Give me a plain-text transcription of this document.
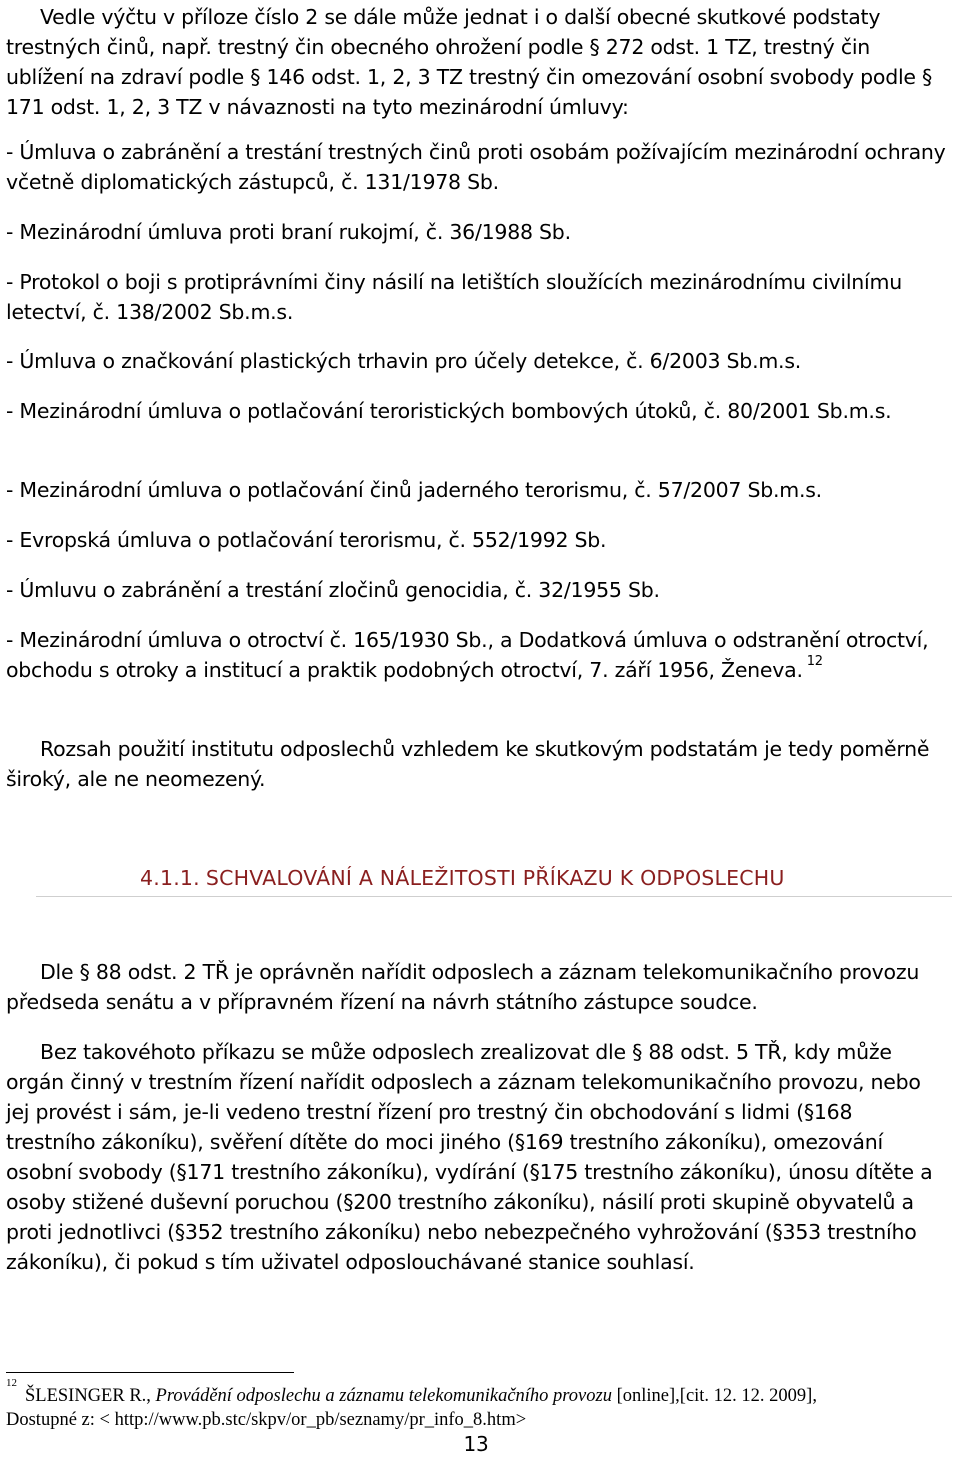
Vedle výčtu v příloze číslo 2 se dále může jednat i o další obecné skutkové podstaty trestných činů, např. trestný čin obecného ohrožení podle § 272 odst. 1 TZ, trestný čin ublížení na zdraví podle § 146 odst. 1, 2, 3 TZ trestný čin omezování osobní svobody podle § 171 odst. 1, 2, 3 TZ v návaznosti na tyto mezinárodní úmluvy:

- Úmluva o zabránění a trestání trestných činů proti osobám požívajícím mezinárodní ochrany včetně diplomatických zástupců, č. 131/1978 Sb.

- Mezinárodní úmluva proti braní rukojmí, č. 36/1988 Sb.

- Protokol o boji s protiprávními činy násilí na letištích sloužících mezinárodnímu civilnímu letectví, č. 138/2002 Sb.m.s.

- Úmluva o značkování plastických trhavin pro účely detekce, č. 6/2003 Sb.m.s.

- Mezinárodní úmluva o potlačování teroristických bombových útoků, č. 80/2001 Sb.m.s.

- Mezinárodní úmluva o potlačování činů jaderného terorismu, č. 57/2007 Sb.m.s.

- Evropská úmluva o potlačování terorismu, č. 552/1992 Sb.

- Úmluvu o zabránění a trestání zločinů genocidia, č. 32/1955 Sb.

- Mezinárodní úmluva o otroctví č. 165/1930 Sb., a Dodatková úmluva o odstranění otroctví, obchodu s otroky a institucí a praktik podobných otroctví, 7. září 1956, Ženeva. $^{12}$

Rozsah použití institutu odposlechů vzhledem ke skutkovým podstatám je tedy poměrně široký, ale ne neomezený.

4.1.1. SCHVALOVÁNÍ A NÁLEŽITOSTI PŘÍKAZU K ODPOSLECHU

Dle § 88 odst. 2 TŘ je oprávněn nařídit odposlech a záznam telekomunikačního provozu předseda senátu a v přípravném řízení na návrh státního zástupce soudce.

Bez takovéhoto příkazu se může odposlech zrealizovat dle § 88 odst. 5 TŘ, kdy může orgán činný v trestním řízení nařídit odposlech a záznam telekomunikačního provozu, nebo jej provést i sám, je-li vedeno trestní řízení pro trestný čin obchodování s lidmi (§168 trestního zákoníku), svěření dítěte do moci jiného (§169 trestního zákoníku), omezování osobní svobody (§171 trestního zákoníku), vydírání (§175 trestního zákoníku), únosu dítěte a osoby stižené duševní poruchou (§200 trestního zákoníku), násilí proti skupině obyvatelů a proti jednotlivci (§352 trestního zákoníku) nebo nebezpečného vyhrožování (§353 trestního zákoníku), či pokud s tím uživatel odposlouchávané stanice souhlasí.

$^{12}$ŠLESINGER R., Provádění odposlechu a záznamu telekomunikačního provozu [online],[cit. 12. 12. 2009],
Dostupné z: < http://www.pb.stc/skpv/or_pb/seznamy/pr_info_8.htm>
13
